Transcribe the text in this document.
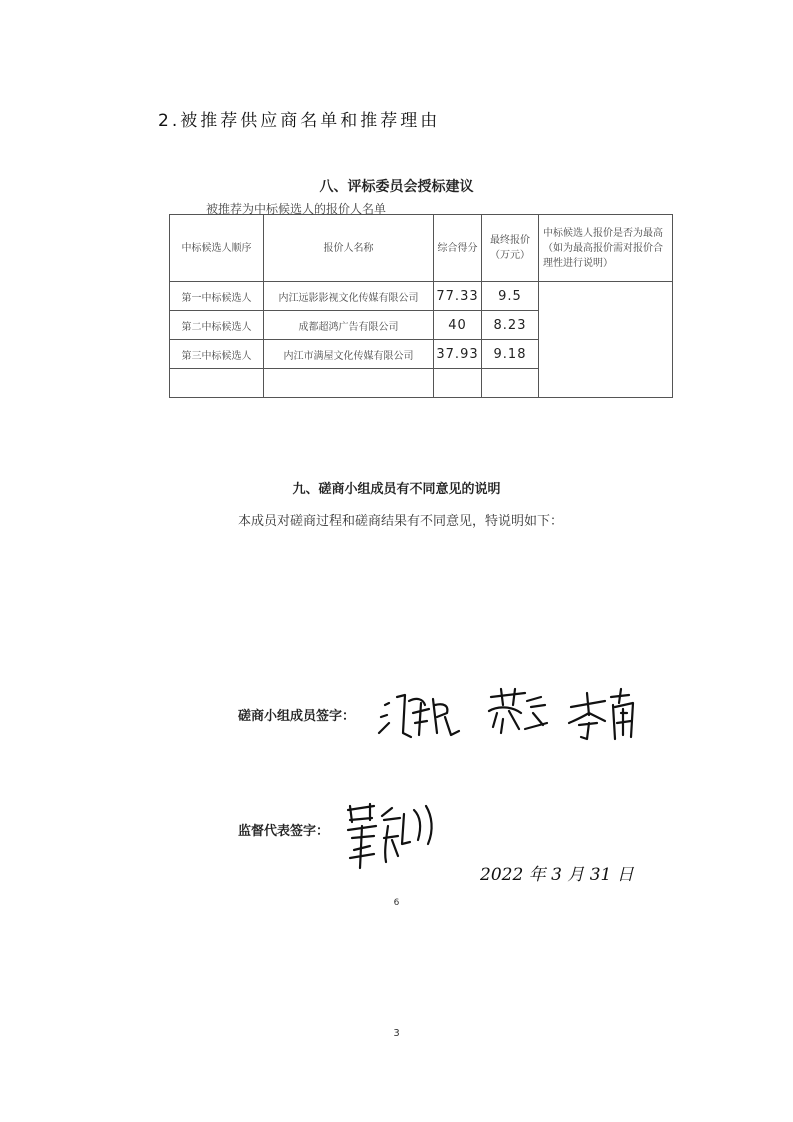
2.被推荐供应商名单和推荐理由
八、评标委员会授标建议
被推荐为中标候选人的报价人名单
中标候选人顺序	报价人名称	综合得分	最终报价（万元）	中标候选人报价是否为最高（如为最高报价需对报价合理性进行说明）
第一中标候选人	内江远影影视文化传媒有限公司	77.33	9.5	
第二中标候选人	成都超鸿广告有限公司	40	8.23	
第三中标候选人	内江市满屋文化传媒有限公司	37.93	9.18	

九、磋商小组成员有不同意见的说明
本成员对磋商过程和磋商结果有不同意见，特说明如下：
磋商小组成员签字：
监督代表签字：
2022 年 3 月 31 日
6
3
